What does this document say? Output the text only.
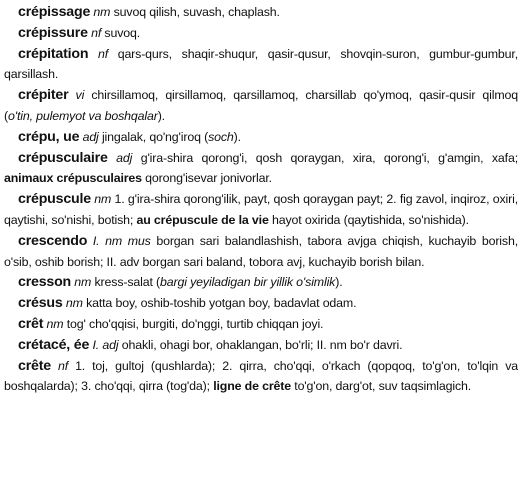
crépissage nm suvoq qilish, suvash, chaplash.

crépissure nf suvoq.

crépitation nf qars-qurs, shaqir-shuqur, qasir-qusur, shovqin-suron, gumbur-gumbur, qarsillash.

crépiter vi chirsillamoq, qirsillamoq, qarsillamoq, charsillab qo'ymoq, qasir-qusir qilmoq (o'tin, pulemyot va boshqalar).

crépu, ue adj jingalak, qo'ng'iroq (soch).

crépusculaire adj g'ira-shira qorong'i, qosh qoraygan, xira, qorong'i, g'amgin, xafa; animaux crépusculaires qorong'isevar jonivorlar.

crépuscule nm 1. g'ira-shira qorong'ilik, payt, qosh qoraygan payt; 2. fig zavol, inqiroz, oxiri, qaytishi, so'nishi, botish; au crépuscule de la vie hayot oxirida (qaytishida, so'nishida).

crescendo I. nm mus borgan sari balandlashish, tabora avjga chiqish, kuchayib borish, o'sib, oshib borish; II. adv borgan sari baland, tobora avj, kuchayib borish bilan.

cresson nm kress-salat (bargi yeyiladigan bir yillik o'simlik).

crésus nm katta boy, oshib-toshib yotgan boy, badavlat odam.

crêt nm tog' cho'qqisi, burgiti, do'nggi, turtib chiqqan joyi.

crétacé, ée I. adj ohakli, ohagi bor, ohaklangan, bo'rli; II. nm bo'r davri.

crête nf 1. toj, gultoj (qushlarda); 2. qirra, cho'qqi, o'rkach (qopqoq, to'g'on, to'lqin va boshqalarda); 3. cho'qqi, qirra (tog'da); ligne de crête to'g'on, darg'ot, suv taqsimlagich.
